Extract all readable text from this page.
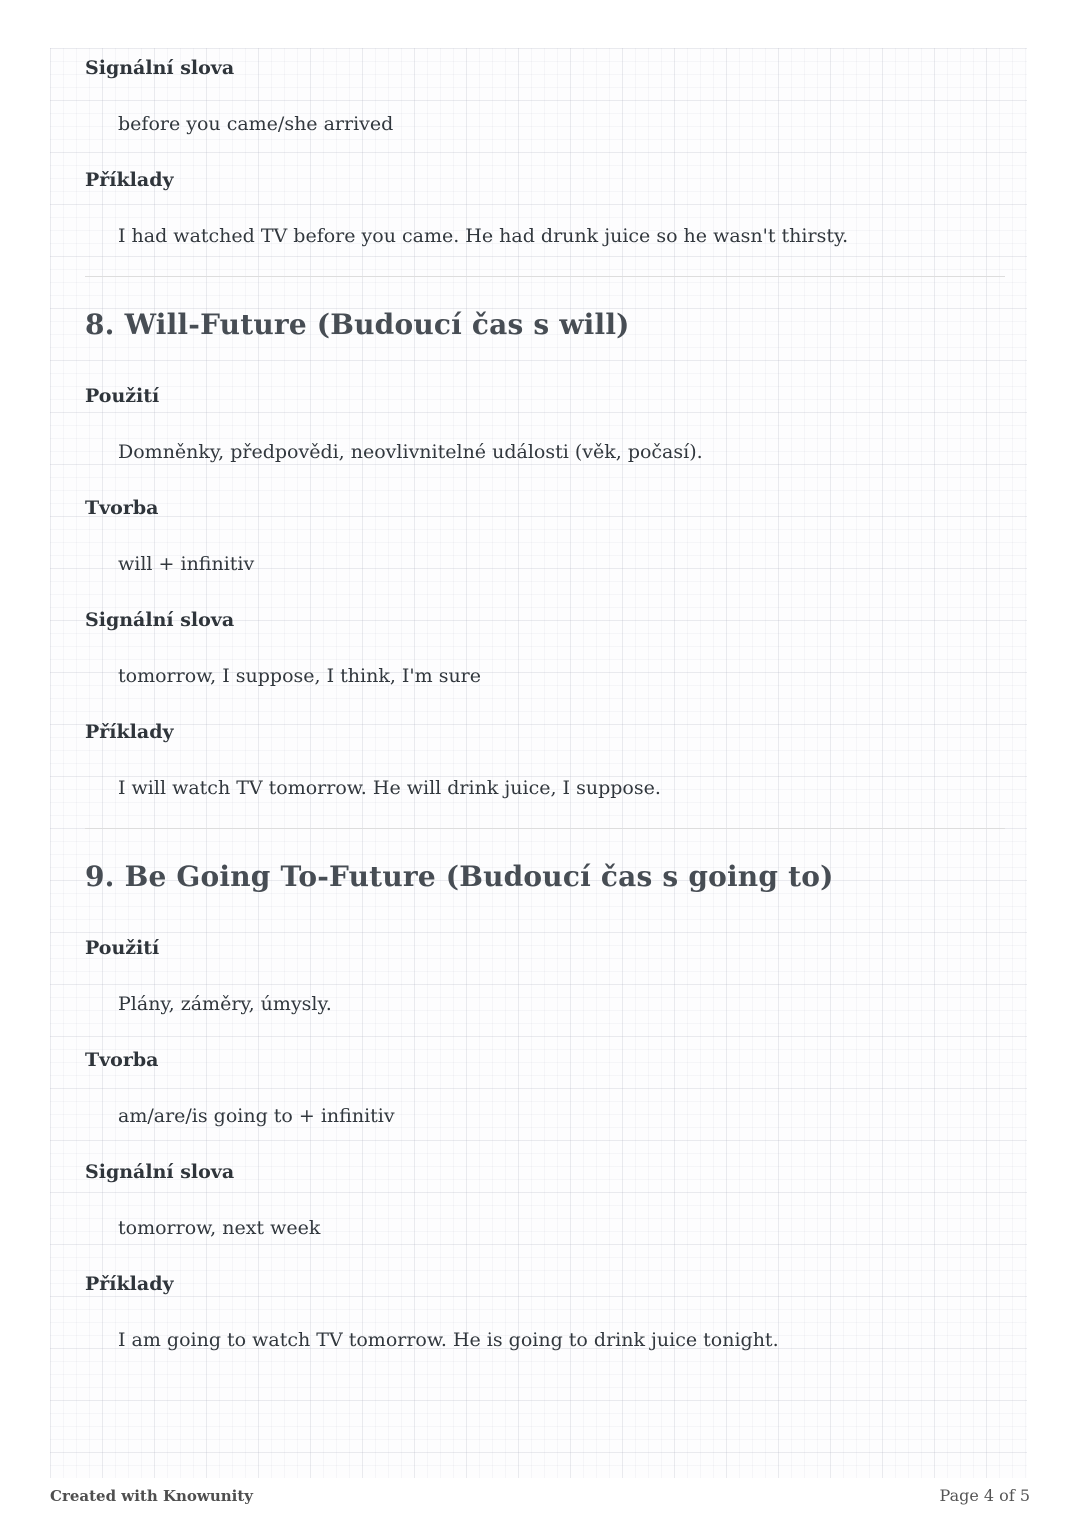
Signální slova

before you came/she arrived

Příklady

I had watched TV before you came. He had drunk juice so he wasn't thirsty.

8. Will-Future (Budoucí čas s will)

Použití

Domněnky, předpovědi, neovlivnitelné události (věk, počasí).

Tvorba

will + infinitiv

Signální slova

tomorrow, I suppose, I think, I'm sure

Příklady

I will watch TV tomorrow. He will drink juice, I suppose.

9. Be Going To-Future (Budoucí čas s going to)

Použití

Plány, záměry, úmysly.

Tvorba

am/are/is going to + infinitiv

Signální slova

tomorrow, next week

Příklady

I am going to watch TV tomorrow. He is going to drink juice tonight.

Created with Knowunity	Page 4 of 5
